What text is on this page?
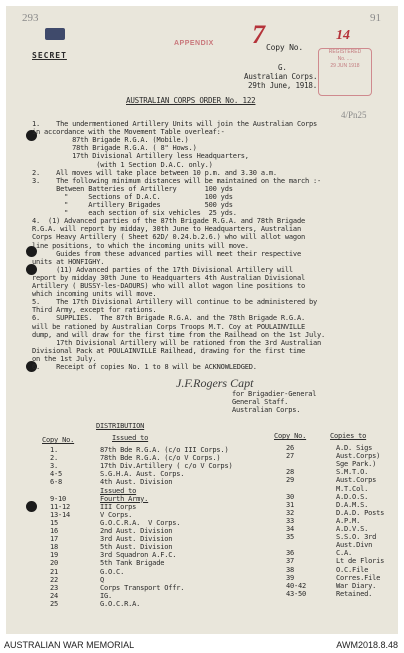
293	91
SECRET
APPENDIX	Copy No.
7	14
REGISTERED
No. ....
29 JUN 1918
4/Pn25
G.
Australian Corps.
29th June, 1918.
AUSTRALIAN CORPS ORDER No. 122
1.    The undermentioned Artillery Units will join the Australian Corps
in accordance with the Movement Table overleaf:-
87th Brigade R.G.A. (Mobile.)
78th Brigade R.G.A. ( 8" Hows.)
17th Divisional Artillery less Headquarters,
(with 1 Section D.A.C. only.)
2.    All moves will take place between 10 p.m. and 3.30 a.m.
3.    The following minimum distances will be maintained on the march :-
Between Batteries of Artillery       100 yds
"     Sections of D.A.C.           100 yds
"     Artillery Brigades           500 yds
"     each section of six vehicles  25 yds.
4.  (1) Advanced parties of the 87th Brigade R.G.A. and 78th Brigade
R.G.A. will report by midday, 30th June to Headquarters, Australian
Corps Heavy Artillery ( Sheet 62D/ 0.24.b.2.6.) who will allot wagon
line positions, to which the incoming units will move.
Guides from these advanced parties will meet their respective
units at HONFIGHY.
(11) Advanced parties of the 17th Divisional Artillery will
report by midday 30th June to Headquarters 4th Australian Divisional
Artillery ( BUSSY-les-DAOURS) who will allot wagon line positions to
which incoming units will move.
5.    The 17th Divisional Artillery will continue to be administered by
Third Army, except for rations.
6.    SUPPLIES.  The 87th Brigade R.G.A. and the 78th Brigade R.G.A.
will be rationed by Australian Corps Troops M.T. Coy at POULAINVILLE
dump, and will draw for the first time from the Railhead on the 1st July.
17th Divisional Artillery will be rationed from the 3rd Australian
Divisional Pack at POULAINVILLE Railhead, drawing for the first time
on the 1st July.
6.    Receipt of copies No. 1 to 8 will be ACKNOWLEDGED.
J.F.Rogers Capt
for Brigadier-General
General Staff.
Australian Corps.
DISTRIBUTION
Copy No.	Issued to	Copy No.	Copies to
1.	87th Bde R.G.A. (c/o III Corps.)
2.	78th Bde R.G.A. (c/o V Corps.)
3.	17th Div.Artillery ( c/o V Corps)
4-5	S.G.H.A. Aust. Corps.
6-8	4th Aust. Division
Issued to
9-10	Fourth Army.
11-12	III Corps
13-14	V Corps.
15	G.O.C.R.A.  V Corps.
16	2nd Aust. Division
17	3rd Aust. Division
18	5th Aust. Division
19	3rd Squadron A.F.C.
20	5th Tank Brigade
21	G.O.C.
22	Q
23	Corps Transport Offr.
24	IG.
25	G.O.C.R.A.
26	A.D. Sigs
27	Aust.Corps)
Sge Park.)
28	S.M.T.O.
29	Aust.Corps
M.T.Col.
30	A.D.O.S.
31	D.A.M.S.
32	D.A.D. Posts
33	A.P.M.
34	A.D.V.S.
35	S.S.O. 3rd
Aust.Divn
36	C.A.
37	Lt de Floris
38	O.C.File
39	Corres.File
40-42	War Diary.
43-50	Retained.
AUSTRALIAN WAR MEMORIAL	AWM2018.8.48
